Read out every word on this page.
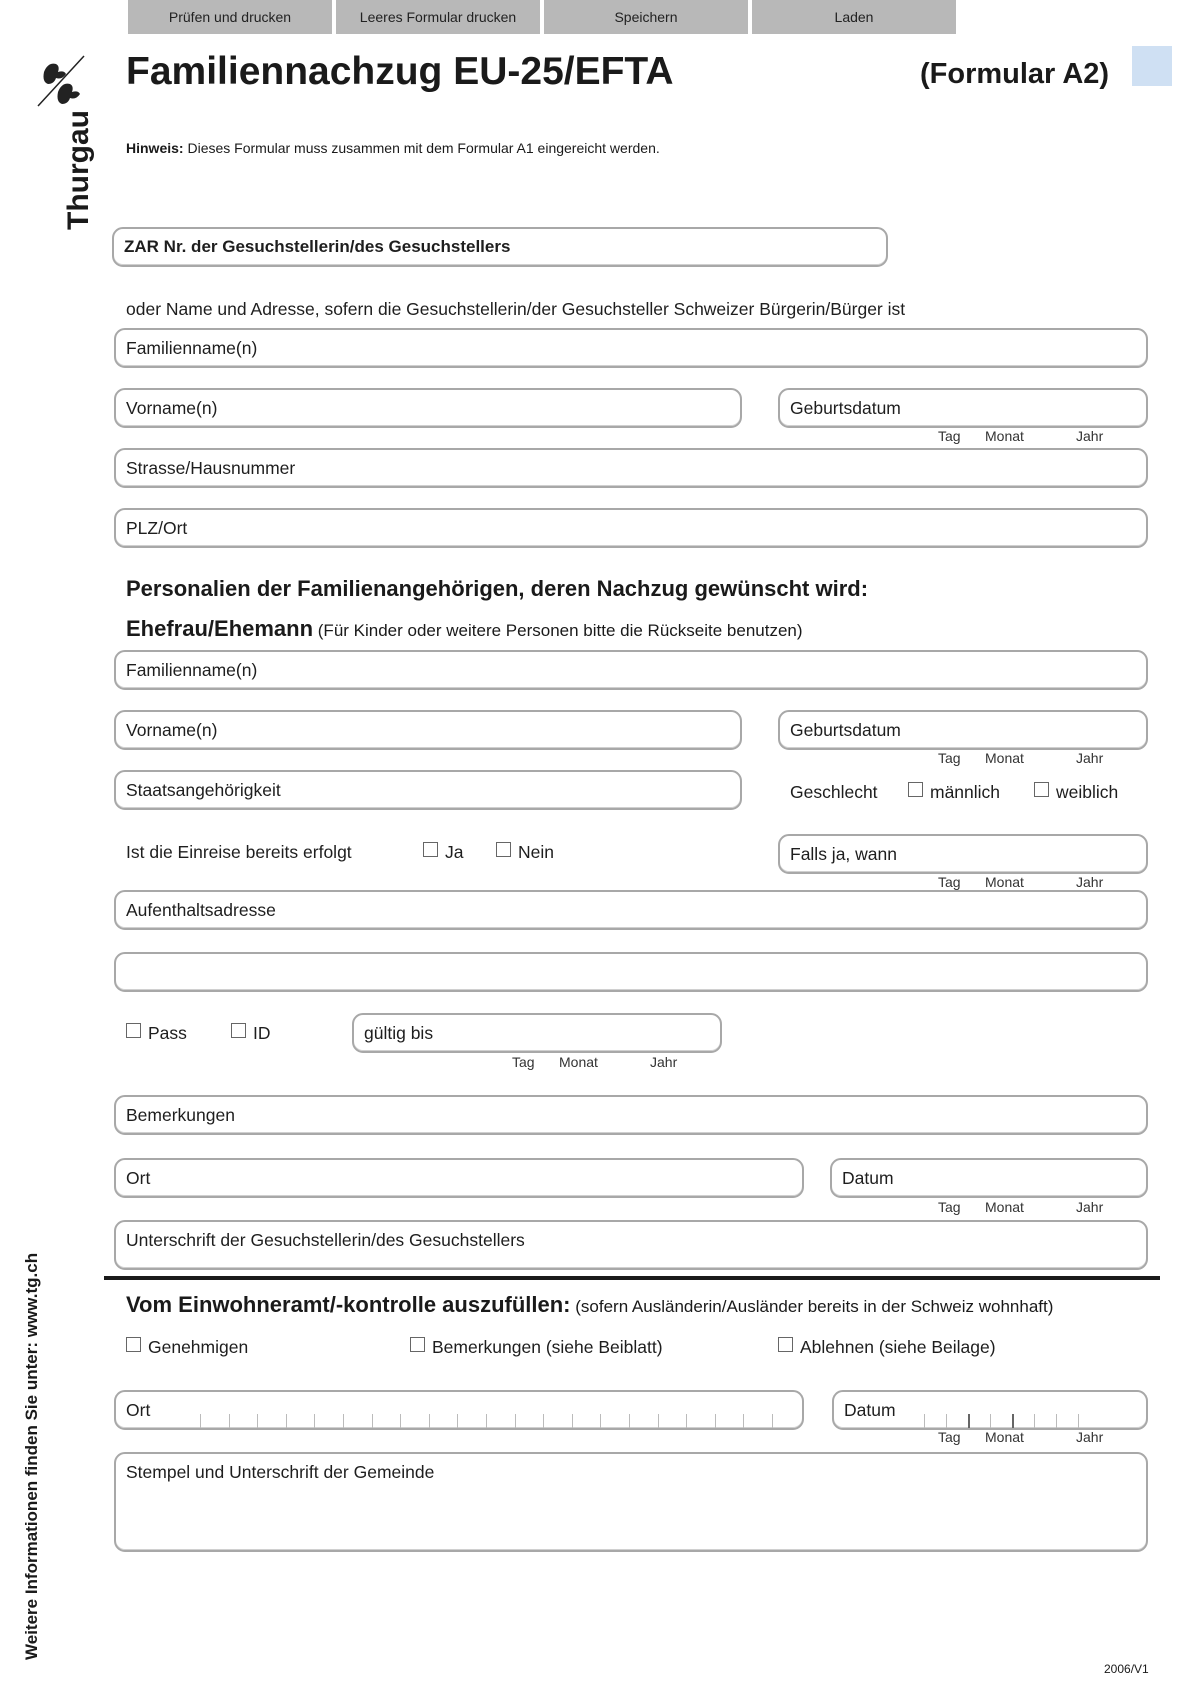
Prüfen und drucken	Leeres Formular drucken	Speichern	Laden
Thurgau
Weitere Informationen finden Sie unter: www.tg.ch
Familiennachzug EU-25/EFTA	(Formular A2)
Hinweis: Dieses Formular muss zusammen mit dem Formular A1 eingereicht werden.
ZAR Nr. der Gesuchstellerin/des Gesuchstellers
oder Name und Adresse, sofern die Gesuchstellerin/der Gesuchsteller Schweizer Bürgerin/Bürger ist
Familienname(n)
Vorname(n)	Geburtsdatum
Tag Monat	Jahr
Strasse/Hausnummer
PLZ/Ort
Personalien der Familienangehörigen, deren Nachzug gewünscht wird:
Ehefrau/Ehemann (Für Kinder oder weitere Personen bitte die Rückseite benutzen)
Familienname(n)
Vorname(n)	Geburtsdatum
Tag Monat	Jahr
Staatsangehörigkeit	Geschlecht	männlich	weiblich
Ist die Einreise bereits erfolgt	Ja	Nein	Falls ja, wann
Tag Monat	Jahr
Aufenthaltsadresse
Pass	ID	gültig bis
Tag Monat	Jahr
Bemerkungen
Ort	Datum
Tag Monat	Jahr
Unterschrift der Gesuchstellerin/des Gesuchstellers
Vom Einwohneramt/-kontrolle auszufüllen: (sofern Ausländerin/Ausländer bereits in der Schweiz wohnhaft)
Genehmigen	Bemerkungen (siehe Beiblatt)	Ablehnen (siehe Beilage)
Ort	Datum
Tag Monat	Jahr
Stempel und Unterschrift der Gemeinde
2006/V1
